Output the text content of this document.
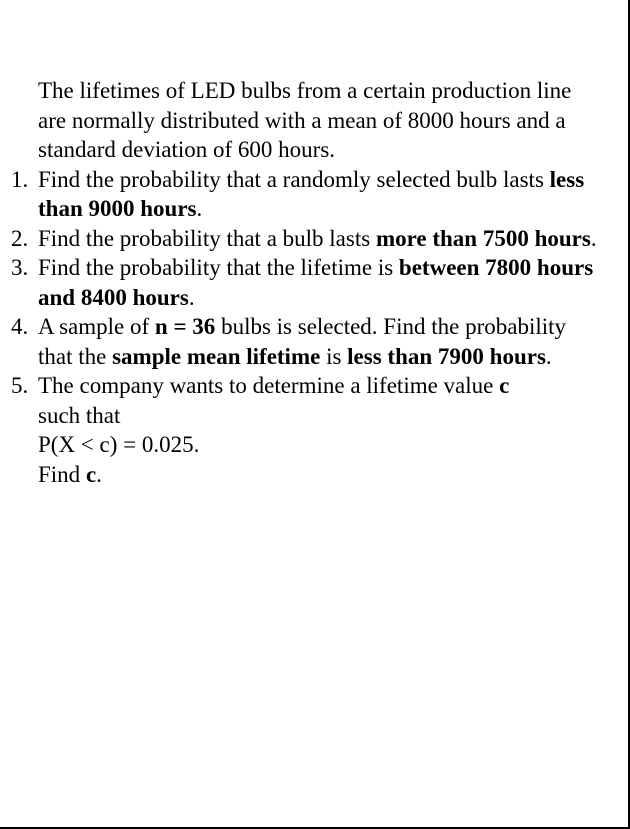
The lifetimes of LED bulbs from a certain production line are normally distributed with a mean of 8000 hours and a standard deviation of 600 hours.

1. Find the probability that a randomly selected bulb lasts less than 9000 hours.
2. Find the probability that a bulb lasts more than 7500 hours.
3. Find the probability that the lifetime is between 7800 hours and 8400 hours.
4. A sample of n = 36 bulbs is selected. Find the probability that the sample mean lifetime is less than 7900 hours.
5. The company wants to determine a lifetime value c
such that
P(X < c) = 0.025.
Find c.
